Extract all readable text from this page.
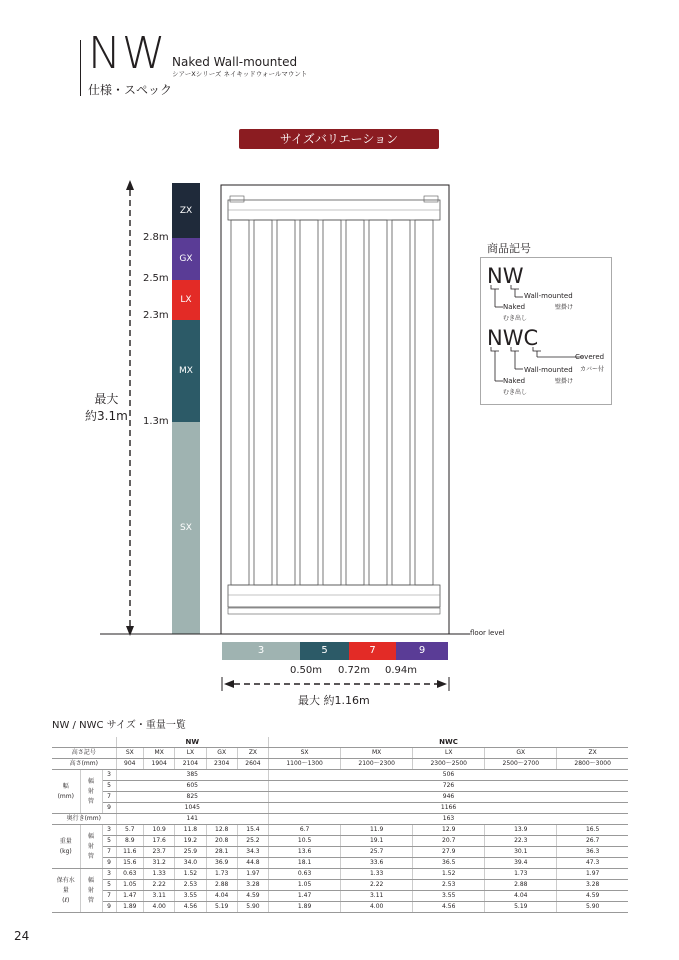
NW Naked Wall-mounted
シアーXシリーズ ネイキッドウォールマウント
仕様・スペック
サイズバリエーション
最大
約3.1m
2.8m
2.5m
2.3m
1.3m
ZX
GX
LX
MX
SX
floor level
3	5	7	9
0.50m 0.72m 0.94m
最大 約1.16m
商品記号
NW
Wall-mounted
壁掛け
Naked
むき出し
NWC
Covered
カバー付
Wall-mounted
壁掛け
Naked
むき出し
NW / NWC サイズ・重量一覧
			NW					NWC				
高さ記号			SX	MX	LX	GX	ZX	SX	MX	LX	GX	ZX
高さ(mm)			904	1904	2104	2304	2604	1100〜1300	2100〜2300	2300〜2500	2500〜2700	2800〜3000
幅
(mm)	輻
射
管	3	385					506				
		5	605					726				
		7	825					946				
		9	1045					1166				
奥行き(mm)			141					163				
重量
(kg)	輻
射
管	3	5.7	10.9	11.8	12.8	15.4	6.7	11.9	12.9	13.9	16.5
		5	8.9	17.6	19.2	20.8	25.2	10.5	19.1	20.7	22.3	26.7
		7	11.6	23.7	25.9	28.1	34.3	13.6	25.7	27.9	30.1	36.3
		9	15.6	31.2	34.0	36.9	44.8	18.1	33.6	36.5	39.4	47.3
保有水
量
(ℓ)	輻
射
管	3	0.63	1.33	1.52	1.73	1.97	0.63	1.33	1.52	1.73	1.97
		5	1.05	2.22	2.53	2.88	3.28	1.05	2.22	2.53	2.88	3.28
		7	1.47	3.11	3.55	4.04	4.59	1.47	3.11	3.55	4.04	4.59
		9	1.89	4.00	4.56	5.19	5.90	1.89	4.00	4.56	5.19	5.90
24
